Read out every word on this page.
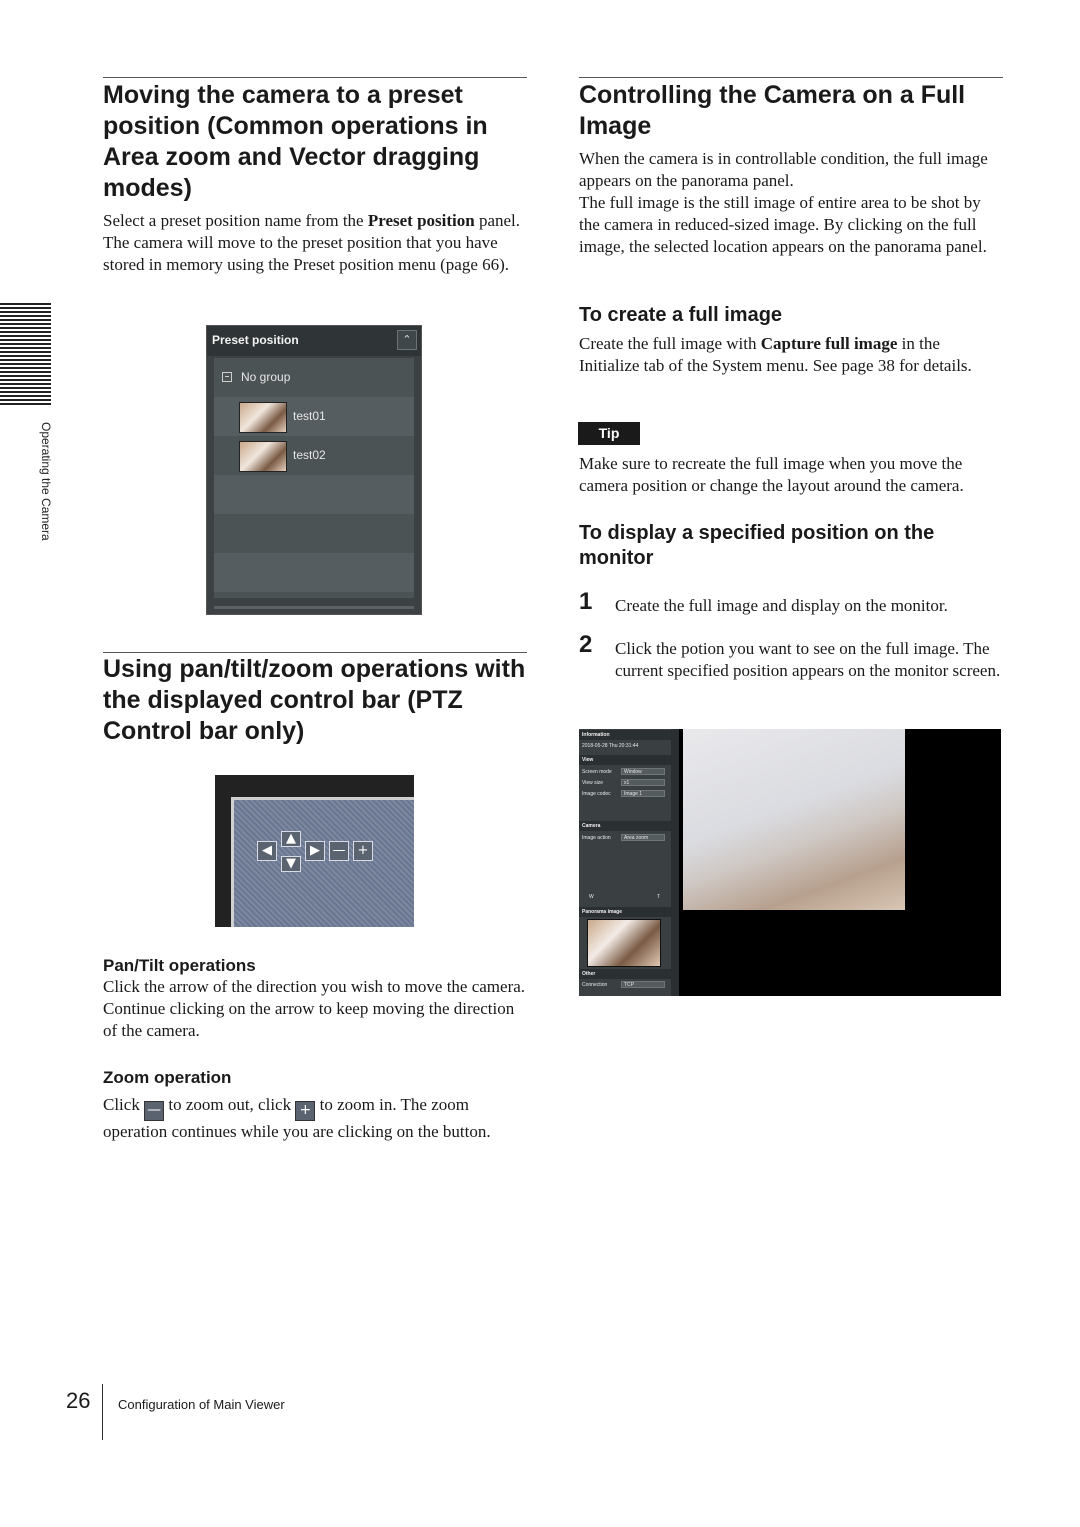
Operating the Camera
Moving the camera to a preset position (Common operations in Area zoom and Vector dragging modes)

Select a preset position name from the Preset position panel. The camera will move to the preset position that you have stored in memory using the Preset position menu (page 66).

Preset position	⌃
No group
test01
test02
Using pan/tilt/zoom operations with the displayed control bar (PTZ Control bar only)
▲
▼
◀	▶ — +
Pan/Tilt operations

Click the arrow of the direction you wish to move the camera. Continue clicking on the arrow to keep moving the direction of the camera.

Zoom operation

Click — to zoom out, click + to zoom in. The zoom operation continues while you are clicking on the button.

Controlling the Camera on a Full Image

When the camera is in controllable condition, the full image appears on the panorama panel.
The full image is the still image of entire area to be shot by the camera in reduced-sized image. By clicking on the full image, the selected location appears on the panorama panel.

To create a full image

Create the full image with Capture full image in the Initialize tab of the System menu. See page 38 for details.

Tip

Make sure to recreate the full image when you move the camera position or change the layout around the camera.

To display a specified position on the monitor
1 Create the full image and display on the monitor.

2 Click the potion you want to see on the full image. The current specified position appears on the monitor screen.

Information
2018-05-28 Thu 20:31:44
View
Screen mode Window
View size	x1
Image codec	Image 1
Camera
Image action	Area zoom
W	T
Panorama image
Other
Connection	TCP
26 Configuration of Main Viewer
